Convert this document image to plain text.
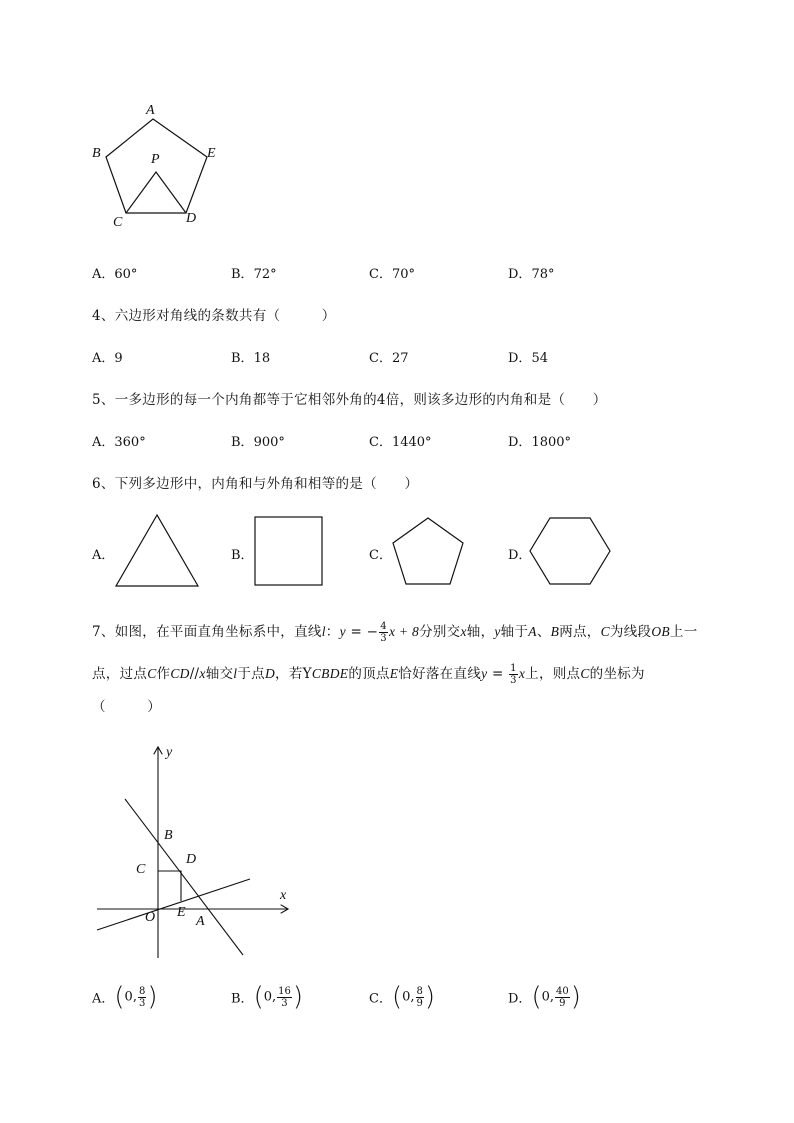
A
B	E
P
C	D
A．60°	B．72°	C．70°	D．78°
4、六边形对角线的条数共有（　　　）
A．9	B．18	C．27	D．54
5、一多边形的每一个内角都等于它相邻外角的4倍，则该多边形的内角和是（　　）
A．360°	B．900°	C．1440°	D．1800°
6、下列多边形中，内角和与外角和相等的是（　　）
A．	B．	C．	D．
7、如图，在平面直角坐标系中，直线l：y = − $\frac{4}{3}$ x + 8分别交x轴，y轴于A、B两点，C为线段OB上一
点，过点C作CD//x轴交l于点D，若YCBDE的顶点E恰好落在直线$y = \frac{1}{3}$ x上，则点C的坐标为
（　　　）
y
x
B
C
D
O E
A
A．(0, $\frac{8}{3}$ )	B．(0, $\frac{16}{3}$ )	C．(0, $\frac{8}{9}$ )	D．(0, $\frac{40}{9}$ )
